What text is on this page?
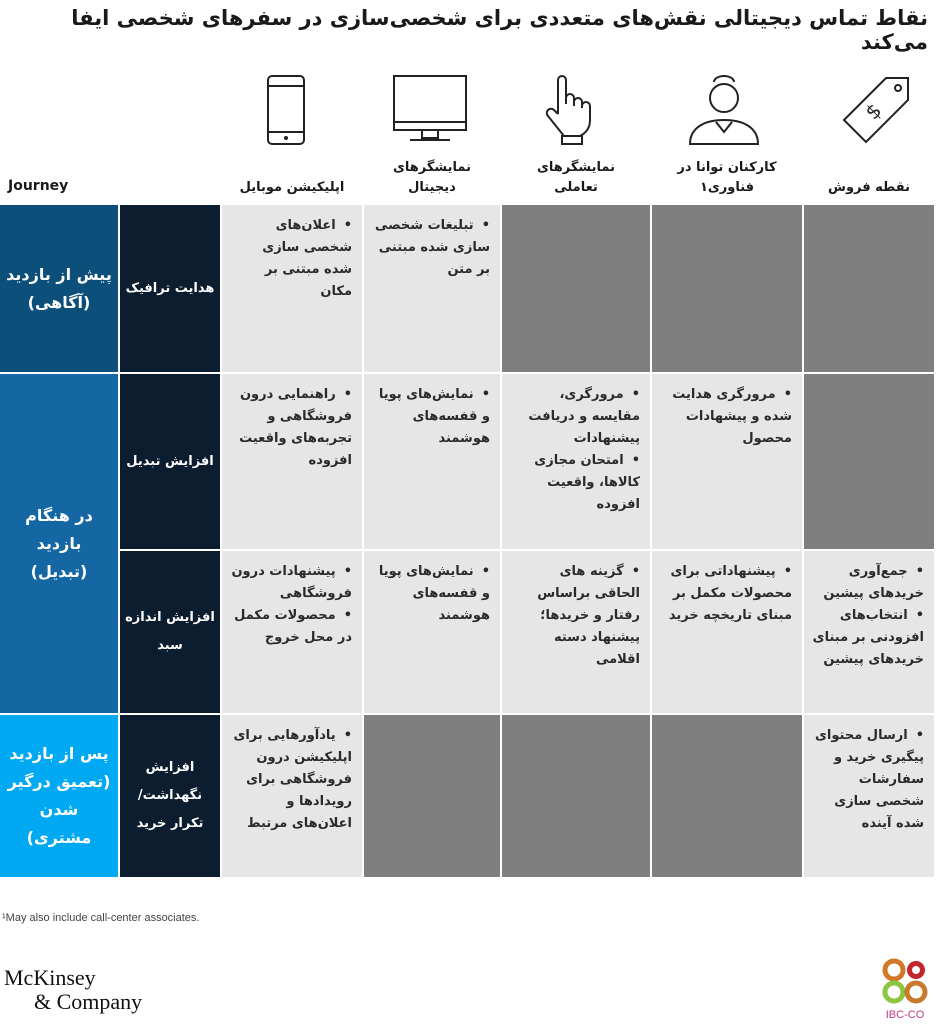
نقاط تماس دیجیتالی نقش‌های متعددی برای شخصی‌سازی در سفرهای شخصی ایفا می‌کند
$
Journey	اپلیکیشن موبایل
نمایشگرهای دیجیتال
نمایشگرهای تعاملی
کارکنان توانا در فناوری۱	نقطه فروش
پیش از بازدید (آگاهی)
در هنگام بازدید (تبدیل)
پس از بازدید (تعمیق درگیر شدن مشتری)
هدایت ترافیک
• اعلان‌های شخصی سازی شده مبتنی بر مکان
• تبلیغات شخصی سازی شده مبتنی بر متن
افزایش تبدیل
• راهنمایی درون فروشگاهی و تجربه‌های واقعیت افزوده
• نمایش‌های پویا و قفسه‌های هوشمند
• مرورگری، مقایسه و دریافت پیشنهادات
• امتحان مجازی کالاها، واقعیت افزوده
• مرورگری هدایت شده و پیشهادات محصول
افزایش اندازه سبد
• پیشنهادات درون فروشگاهی
• محصولات مکمل در محل خروج
• نمایش‌های پویا و قفسه‌های هوشمند
• گزینه های الحاقی براساس رفتار و خریدها؛ پیشنهاد دسته اقلامی
• پیشنهاداتی برای محصولات مکمل بر مبنای تاریخچه خرید
• جمع‌آوری خریدهای پیشین
• انتخاب‌های افزودنی بر مبنای خریدهای پیشین
افزایش نگهداشت/ تکرار خرید
• یادآورهایی برای اپلیکیشن درون فروشگاهی برای رویدادها و اعلان‌های مرتبط
• ارسال محتوای پیگیری خرید و سفارشات شخصی سازی شده آینده
¹May also include call-center associates.
McKinsey
& Company
IBC-CO
